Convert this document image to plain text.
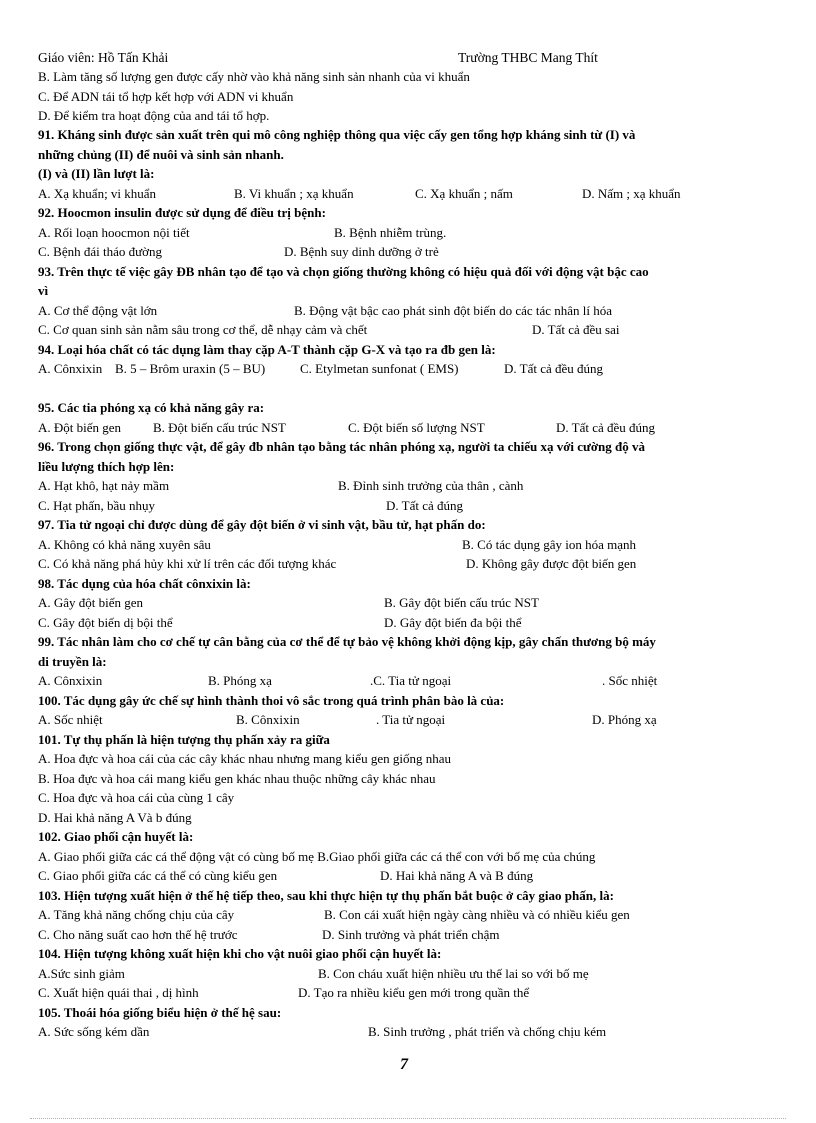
Giáo viên: Hồ Tấn Khải	Trường THBC Mang Thít
B. Làm tăng số lượng gen được cấy nhờ vào khả năng sinh sản nhanh của vi khuẩn
C. Để ADN tái tổ hợp kết hợp với ADN vi khuẩn
D. Để kiểm tra hoạt động của and tái tổ hợp.
91. Kháng sinh được sản xuất trên qui mô công nghiệp thông qua việc cấy gen tổng hợp kháng sinh từ (I) và
những chủng (II) để nuôi và sinh sản nhanh.
(I) và (II) lần lượt là:
A. Xạ khuẩn; vi khuẩn	B. Vi khuẩn ; xạ khuẩn	C. Xạ khuẩn ; nấm	D. Nấm ; xạ khuẩn
92. Hoocmon insulin được sử dụng để điều trị bệnh:
A. Rối loạn hoocmon nội tiết	B. Bệnh nhiễm trùng.
C. Bệnh đái tháo đường	D. Bệnh suy dinh dưỡng ở trẻ
93. Trên thực tế việc gây ĐB nhân tạo để tạo và chọn giống thường không có hiệu quả đối với động vật bậc cao
vì
A. Cơ thể động vật lớn	B. Động vật bậc cao phát sinh đột biến do các tác nhân lí hóa
C. Cơ quan sinh sản nằm sâu trong cơ thể, dễ nhạy cảm và chết	D. Tất cả đều sai
94. Loại hóa chất có tác dụng làm thay cặp A-T thành cặp G-X và tạo ra đb gen là:
A. Cônxixin B. 5 – Brôm uraxin (5 – BU)	C. Etylmetan sunfonat ( EMS)	D. Tất cả đều đúng
95. Các tia phóng xạ có khả năng gây ra:
A. Đột biến gen B. Đột biến cấu trúc NST	C. Đột biến số lượng NST	D. Tất cả đều đúng
96. Trong chọn giống thực vật, để gây đb nhân tạo bằng tác nhân phóng xạ, người ta chiếu xạ với cường độ và
liều lượng thích hợp lên:
A. Hạt khô, hạt nảy mầm	B. Đỉnh sinh trưởng của thân , cành
C. Hạt phấn, bầu nhụy	D. Tất cả đúng
97. Tia tử ngoại chỉ được dùng để gây đột biến ở vi sinh vật, bầu tử, hạt phấn do:
A. Không có khả năng xuyên sâu	B. Có tác dụng gây ion hóa mạnh
C. Có khả năng phá hủy khi xử lí trên các đối tượng khác	D. Không gây được đột biến gen
98. Tác dụng của hóa chất cônxixin là:
A. Gây đột biến gen	B. Gây đột biến cấu trúc NST
C. Gây đột biến dị bội thể	D. Gây đột biến đa bội thể
99. Tác nhân làm cho cơ chế tự cân bằng của cơ thể để tự bảo vệ không khởi động kịp, gây chấn thương bộ máy
di truyền là:
A. Cônxixin	B. Phóng xạ	.C. Tia tử ngoại	. Sốc nhiệt
100. Tác dụng gây ức chế sự hình thành thoi vô sắc trong quá trình phân bào là của:
A. Sốc nhiệt	B. Cônxixin	. Tia tử ngoại	D. Phóng xạ
101. Tự thụ phấn là hiện tượng thụ phấn xảy ra giữa
A. Hoa đực và hoa cái của các cây khác nhau nhưng mang kiểu gen giống nhau
B. Hoa đực và hoa cái mang kiểu gen khác nhau thuộc những cây khác nhau
C. Hoa đực và hoa cái của cùng 1 cây
D. Hai khả năng A Và b đúng
102. Giao phối cận huyết là:
A. Giao phối giữa các cá thể động vật có cùng bố mẹ B.Giao phối giữa các cá thể con với bố mẹ của chúng
C. Giao phối giữa các cá thể có cùng kiểu gen	D. Hai khả năng A và B đúng
103. Hiện tượng xuất hiện ở thế hệ tiếp theo, sau khi thực hiện tự thụ phấn bắt buộc ở cây giao phấn, là:
A. Tăng khả năng chống chịu của cây	B. Con cái xuất hiện ngày càng nhiều và có nhiều kiểu gen
C. Cho năng suất cao hơn thế hệ trước	D. Sinh trưởng và phát triển chậm
104. Hiện tượng không xuất hiện khi cho vật nuôi giao phối cận huyết là:
A.Sức sinh giảm	B. Con cháu xuất hiện nhiều ưu thế lai so với bố mẹ
C. Xuất hiện quái thai , dị hình	D. Tạo ra nhiều kiểu gen mới trong quần thể
105. Thoái hóa giống biểu hiện ở thế hệ sau:
A. Sức sống kém dần	B. Sinh trưởng , phát triển và chống chịu kém
7
